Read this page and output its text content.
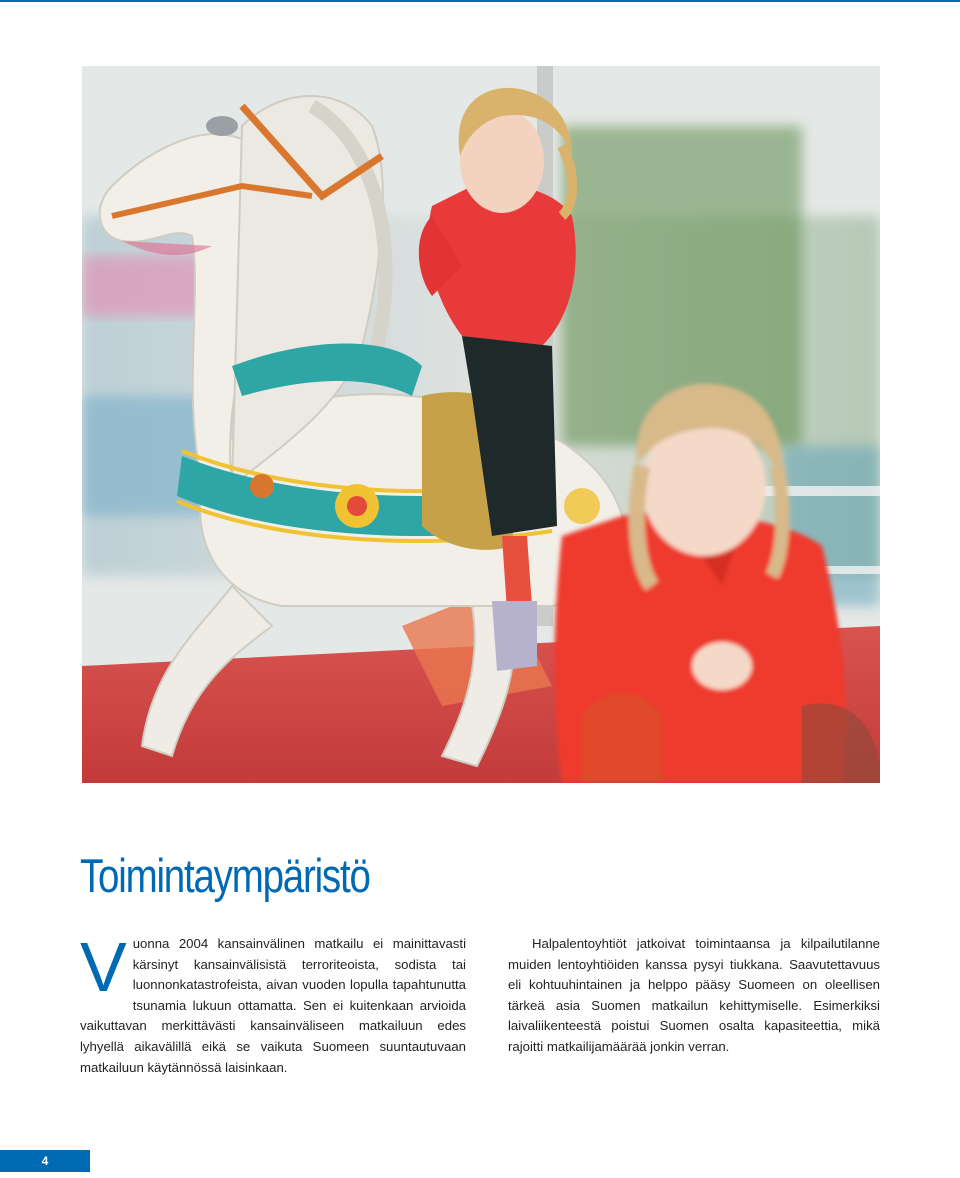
Toimintaympäristö

Vuonna 2004 kansainvälinen matkailu ei mainittavasti kärsinyt kansainvälisistä terroriteoista, sodista tai luonnonkatastrofeista, aivan vuoden lopulla tapahtunutta tsunamia lukuun ottamatta. Sen ei kuitenkaan arvioida vaikuttavan merkittävästi kansainväliseen matkailuun edes lyhyellä aikavälillä eikä se vaikuta Suomeen suuntautuvaan matkailuun käytännössä laisinkaan.

Halpalentoyhtiöt jatkoivat toimintaansa ja kilpailutilanne muiden lentoyhtiöiden kanssa pysyi tiukkana. Saavutettavuus eli kohtuuhintainen ja helppo pääsy Suomeen on oleellisen tärkeä asia Suomen matkailun kehittymiselle. Esimerkiksi laivaliikenteestä poistui Suomen osalta kapasiteettia, mikä rajoitti matkailijamäärää jonkin verran.

4
